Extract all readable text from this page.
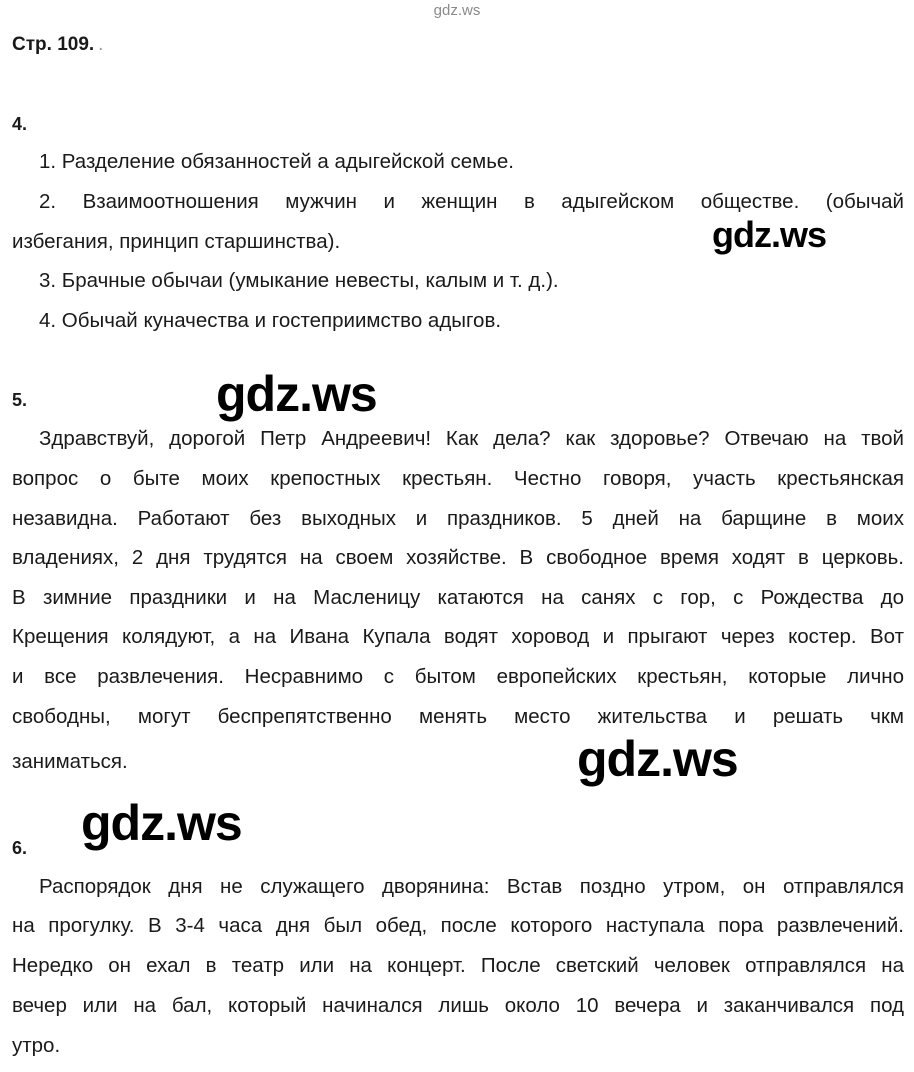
gdz.ws
Стр. 109. .
4.
1. Разделение обязанностей а адыгейской семье.
2. Взаимоотношения мужчин и женщин в адыгейском обществе. (обычай
избегания, принцип старшинства).
3. Брачные обычаи (умыкание невесты, калым и т. д.).
4. Обычай куначества и гостеприимство адыгов.
5.
Здравствуй, дорогой Петр Андреевич! Как дела? как здоровье? Отвечаю на твой
вопрос о быте моих крепостных крестьян. Честно говоря, участь крестьянская
незавидна. Работают без выходных и праздников. 5 дней на барщине в моих
владениях, 2 дня трудятся на своем хозяйстве. В свободное время ходят в церковь.
В зимние праздники и на Масленицу катаются на санях с гор, с Рождества до
Крещения колядуют, а на Ивана Купала водят хоровод и прыгают через костер. Вот
и все развлечения. Несравнимо с бытом европейских крестьян, которые лично
свободны, могут беспрепятственно менять место жительства и решать чкм
заниматься.
6.
Распорядок дня не служащего дворянина: Встав поздно утром, он отправлялся
на прогулку. В 3-4 часа дня был обед, после которого наступала пора развлечений.
Нередко он ехал в театр или на концерт. После светский человек отправлялся на
вечер или на бал, который начинался лишь около 10 вечера и заканчивался под
утро.
gdz.ws
gdz.ws
gdz.ws
gdz.ws
